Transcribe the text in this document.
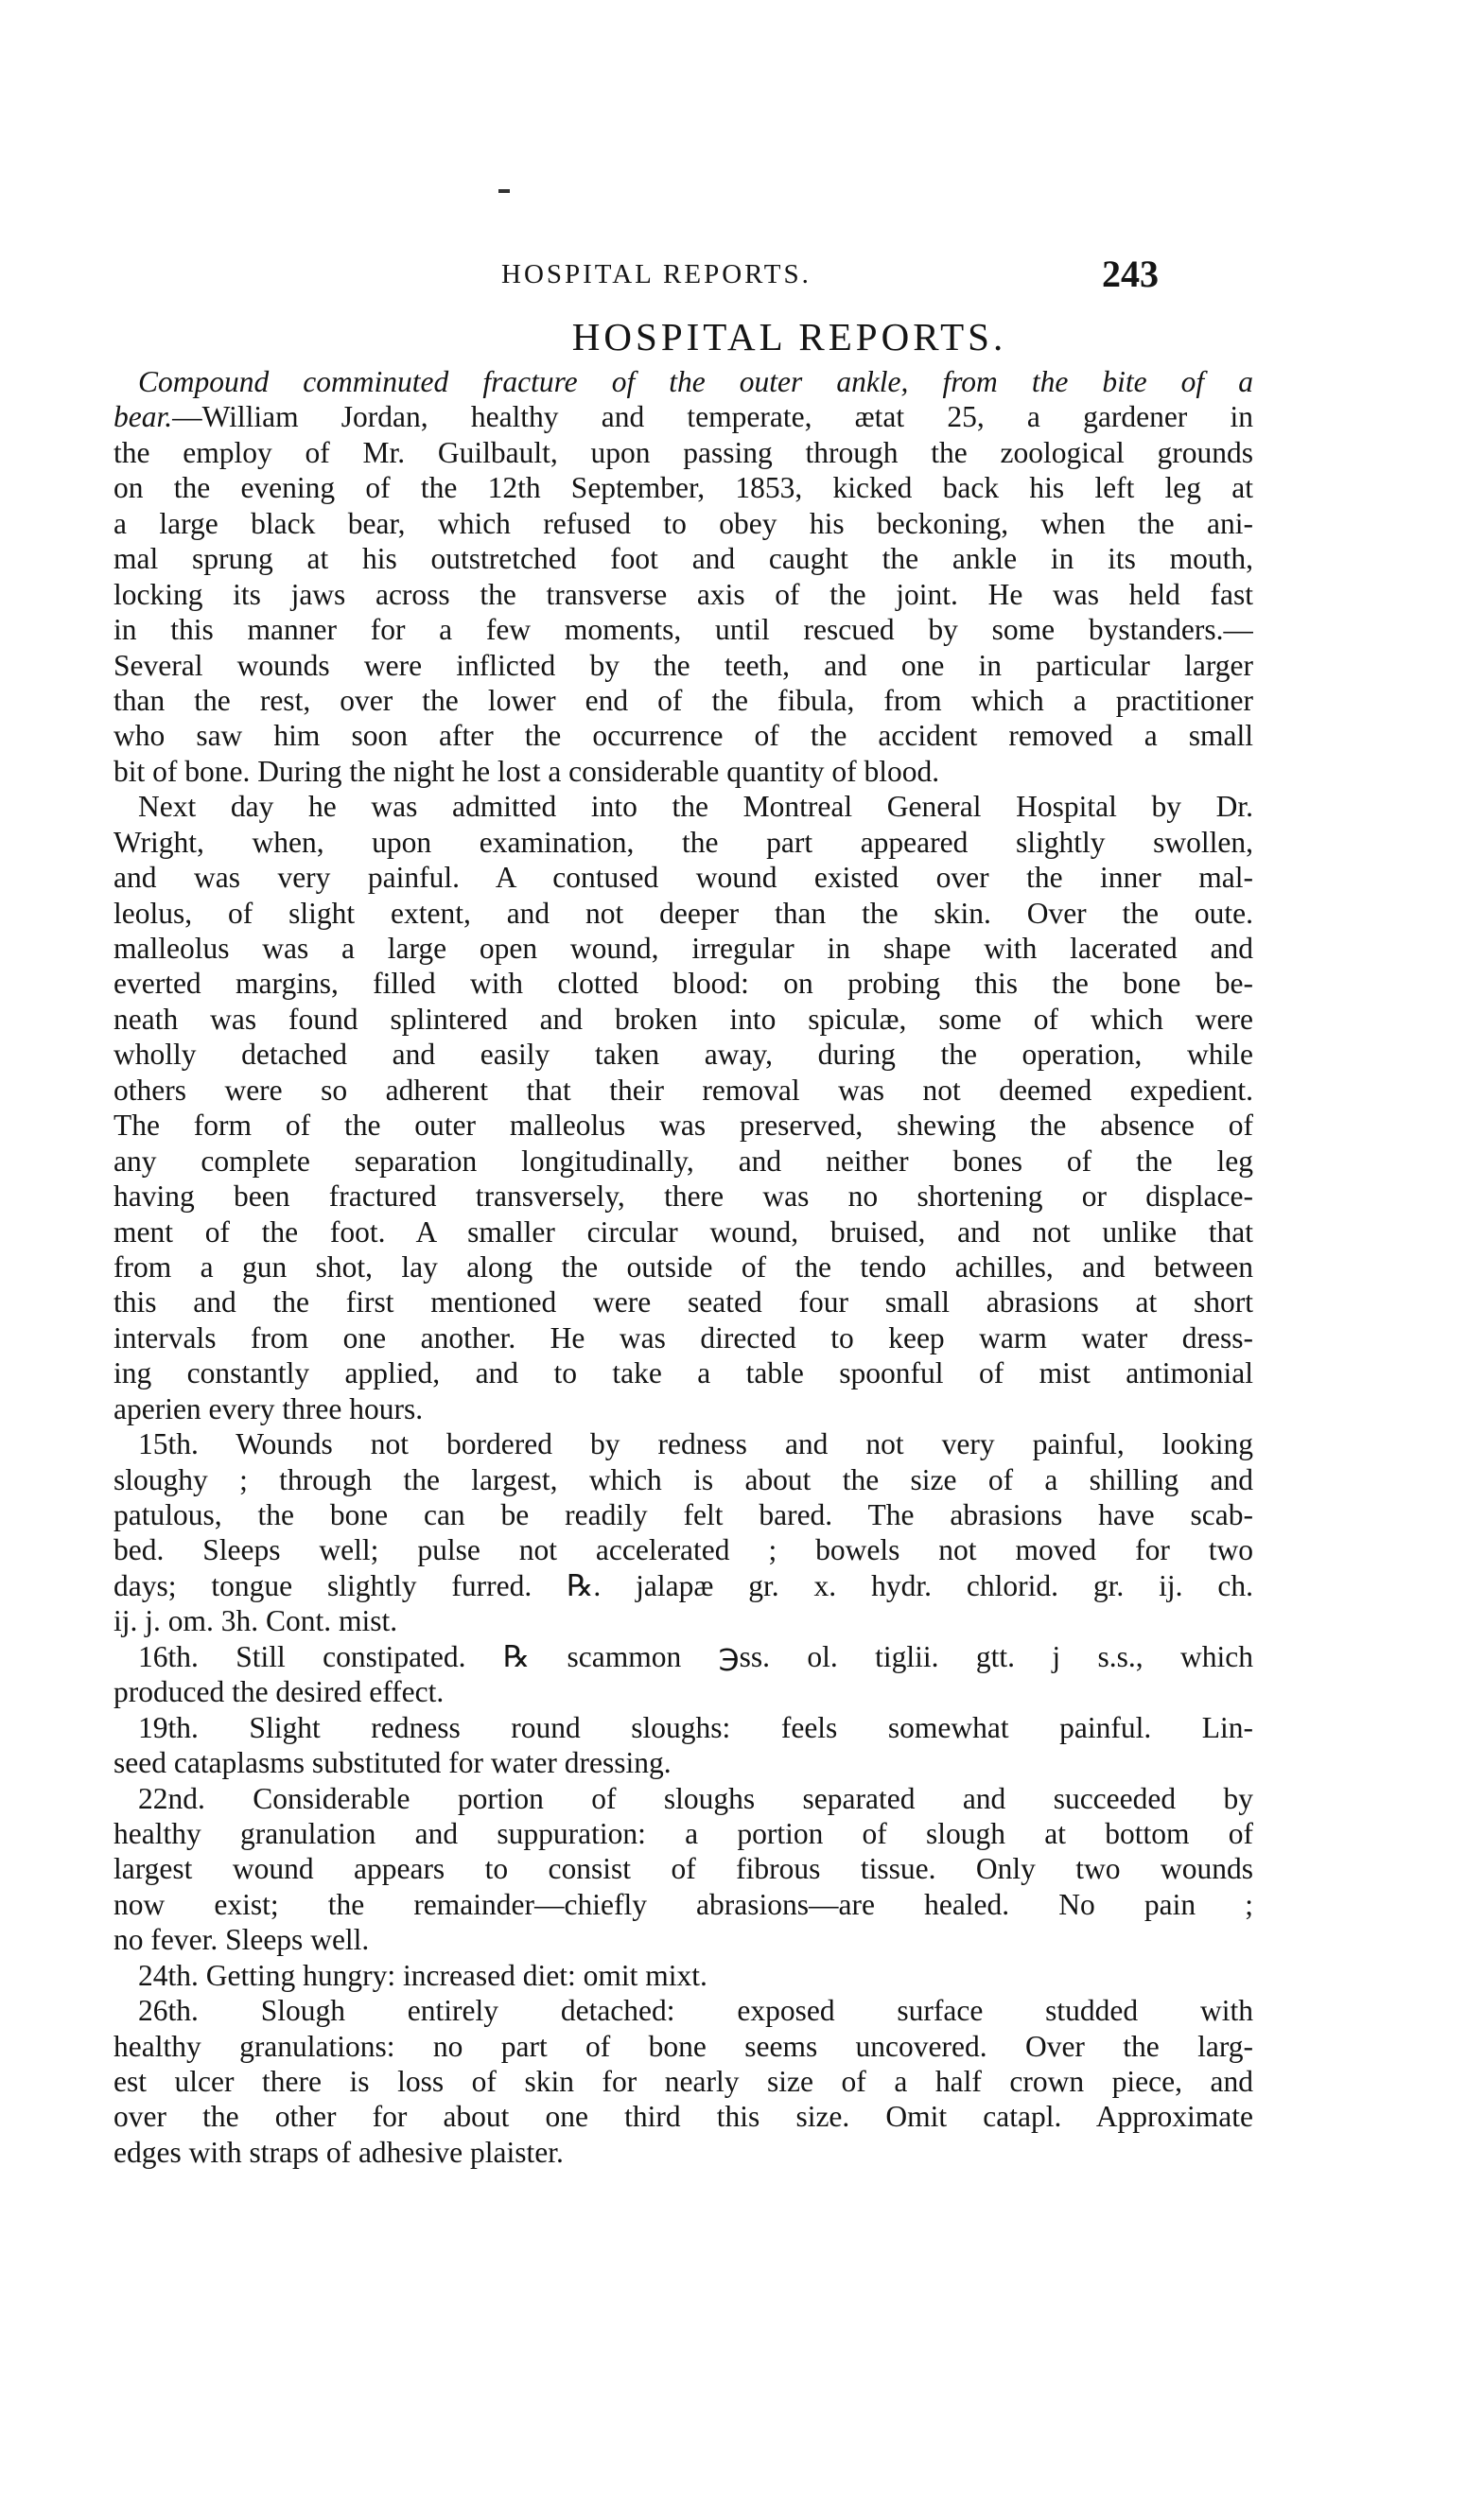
HOSPITAL REPORTS.	243
HOSPITAL REPORTS.
Compound comminuted fracture of the outer ankle, from the bite of a
bear.—William Jordan, healthy and temperate, ætat 25, a gardener in
the employ of Mr. Guilbault, upon passing through the zoological grounds
on the evening of the 12th September, 1853, kicked back his left leg at
a large black bear, which refused to obey his beckoning, when the ani-
mal sprung at his outstretched foot and caught the ankle in its mouth,
locking its jaws across the transverse axis of the joint. He was held fast
in this manner for a few moments, until rescued by some bystanders.—
Several wounds were inflicted by the teeth, and one in particular larger
than the rest, over the lower end of the fibula, from which a practitioner
who saw him soon after the occurrence of the accident removed a small
bit of bone. During the night he lost a considerable quantity of blood.
Next day he was admitted into the Montreal General Hospital by Dr.
Wright, when, upon examination, the part appeared slightly swollen,
and was very painful. A contused wound existed over the inner mal-
leolus, of slight extent, and not deeper than the skin. Over the oute.
malleolus was a large open wound, irregular in shape with lacerated and
everted margins, filled with clotted blood: on probing this the bone be-
neath was found splintered and broken into spiculæ, some of which were
wholly detached and easily taken away, during the operation, while
others were so adherent that their removal was not deemed expedient.
The form of the outer malleolus was preserved, shewing the absence of
any complete separation longitudinally, and neither bones of the leg
having been fractured transversely, there was no shortening or displace-
ment of the foot. A smaller circular wound, bruised, and not unlike that
from a gun shot, lay along the outside of the tendo achilles, and between
this and the first mentioned were seated four small abrasions at short
intervals from one another. He was directed to keep warm water dress-
ing constantly applied, and to take a table spoonful of mist antimonial
aperien every three hours.
15th. Wounds not bordered by redness and not very painful, looking
sloughy ; through the largest, which is about the size of a shilling and
patulous, the bone can be readily felt bared. The abrasions have scab-
bed. Sleeps well; pulse not accelerated ; bowels not moved for two
days; tongue slightly furred. ℞. jalapæ gr. x. hydr. chlorid. gr. ij. ch.
ij. j. om. 3h. Cont. mist.
16th. Still constipated. ℞ scammon ℈ss. ol. tiglii. gtt. j s.s., which
produced the desired effect.
19th. Slight redness round sloughs: feels somewhat painful. Lin-
seed cataplasms substituted for water dressing.
22nd. Considerable portion of sloughs separated and succeeded by
healthy granulation and suppuration: a portion of slough at bottom of
largest wound appears to consist of fibrous tissue. Only two wounds
now exist; the remainder—chiefly abrasions—are healed. No pain ;
no fever. Sleeps well.
24th. Getting hungry: increased diet: omit mixt.
26th. Slough entirely detached: exposed surface studded with
healthy granulations: no part of bone seems uncovered. Over the larg-
est ulcer there is loss of skin for nearly size of a half crown piece, and
over the other for about one third this size. Omit catapl. Approximate
edges with straps of adhesive plaister.
